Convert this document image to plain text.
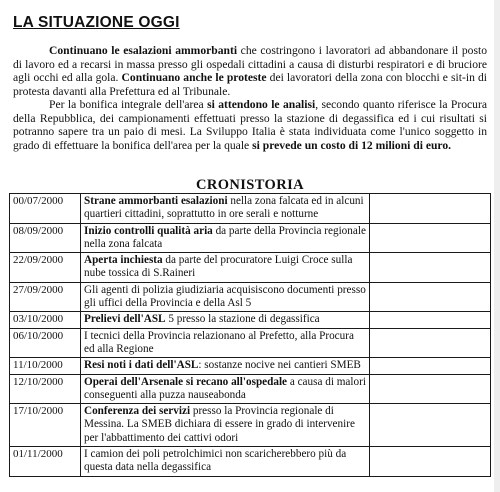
LA SITUAZIONE OGGI
Continuano le esalazioni ammorbanti che costringono i lavoratori ad abbandonare il posto di lavoro ed a recarsi in massa presso gli ospedali cittadini a causa di disturbi respiratori e di bruciore agli occhi ed alla gola. Continuano anche le proteste dei lavoratori della zona con blocchi e sit-in di protesta davanti alla Prefettura ed al Tribunale.
Per la bonifica integrale dell'area si attendono le analisi, secondo quanto riferisce la Procura della Repubblica, dei campionamenti effettuati presso la stazione di degassifica ed i cui risultati si potranno sapere tra un paio di mesi. La Sviluppo Italia è stata individuata come l'unico soggetto in grado di effettuare la bonifica dell'area per la quale si prevede un costo di 12 milioni di euro.
CRONISTORIA
00/07/2000	Strane ammorbanti esalazioni nella zona falcata ed in alcuni quartieri cittadini, soprattutto in ore serali e notturne	
08/09/2000	Inizio controlli qualità aria da parte della Provincia regionale nella zona falcata	
22/09/2000	Aperta inchiesta da parte del procuratore Luigi Croce sulla nube tossica di S.Raineri	
27/09/2000	Gli agenti di polizia giudiziaria acquisiscono documenti presso gli uffici della Provincia e della Asl 5	
03/10/2000	Prelievi dell'ASL 5 presso la stazione di degassifica	
06/10/2000	I tecnici della Provincia relazionano al Prefetto, alla Procura ed alla Regione	
11/10/2000	Resi noti i dati dell'ASL: sostanze nocive nei cantieri SMEB	
12/10/2000	Operai dell'Arsenale si recano all'ospedale a causa di malori conseguenti alla puzza nauseabonda	
17/10/2000	Conferenza dei servizi presso la Provincia regionale di Messina. La SMEB dichiara di essere in grado di intervenire per l'abbattimento dei cattivi odori	
01/11/2000	I camion dei poli petrolchimici non scaricherebbero più da questa data nella degassifica	
